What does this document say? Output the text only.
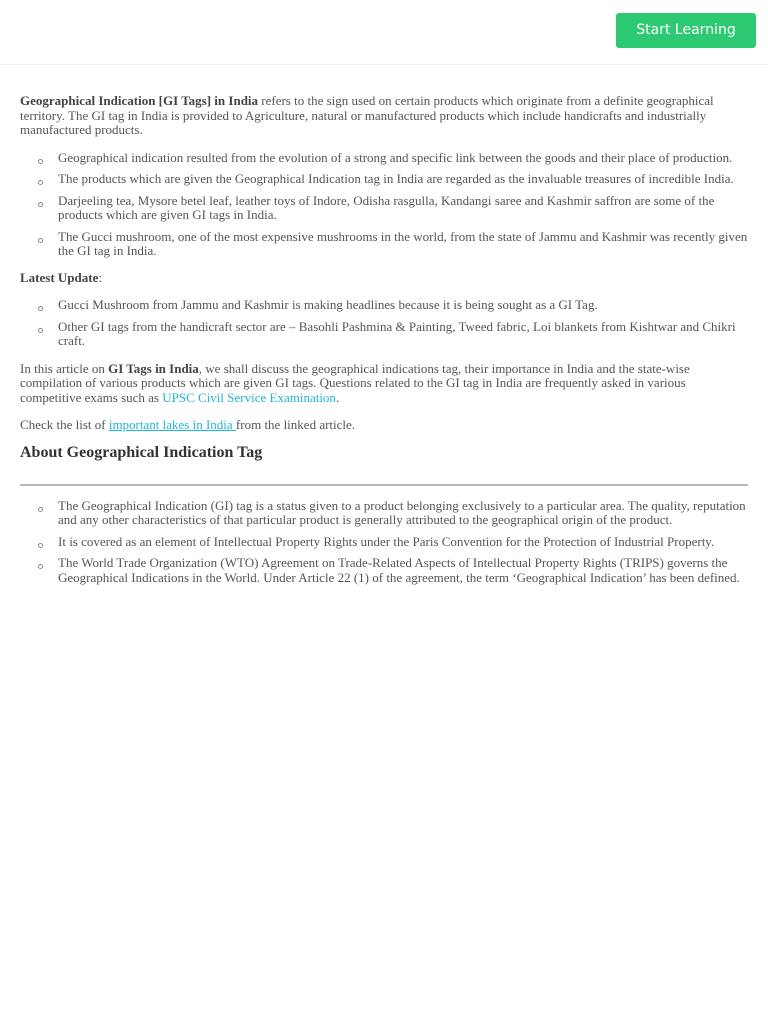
Start Learning

Geographical Indication [GI Tags] in India refers to the sign used on certain products which originate from a definite geographical territory. The GI tag in India is provided to Agriculture, natural or manufactured products which include handicrafts and industrially manufactured products.

Geographical indication resulted from the evolution of a strong and specific link between the goods and their place of production.
The products which are given the Geographical Indication tag in India are regarded as the invaluable treasures of incredible India.
Darjeeling tea, Mysore betel leaf, leather toys of Indore, Odisha rasgulla, Kandangi saree and Kashmir saffron are some of the products which are given GI tags in India.
The Gucci mushroom, one of the most expensive mushrooms in the world, from the state of Jammu and Kashmir was recently given the GI tag in India.

Latest Update:

Gucci Mushroom from Jammu and Kashmir is making headlines because it is being sought as a GI Tag.
Other GI tags from the handicraft sector are – Basohli Pashmina & Painting, Tweed fabric, Loi blankets from Kishtwar and Chikri craft.

In this article on GI Tags in India, we shall discuss the geographical indications tag, their importance in India and the state-wise compilation of various products which are given GI tags. Questions related to the GI tag in India are frequently asked in various competitive exams such as UPSC Civil Service Examination.

Check the list of important lakes in India from the linked article.

About Geographical Indication Tag
The Geographical Indication (GI) tag is a status given to a product belonging exclusively to a particular area. The quality, reputation and any other characteristics of that particular product is generally attributed to the geographical origin of the product.
It is covered as an element of Intellectual Property Rights under the Paris Convention for the Protection of Industrial Property.
The World Trade Organization (WTO) Agreement on Trade-Related Aspects of Intellectual Property Rights (TRIPS) governs the Geographical Indications in the World. Under Article 22 (1) of the agreement, the term ‘Geographical Indication’ has been defined.
